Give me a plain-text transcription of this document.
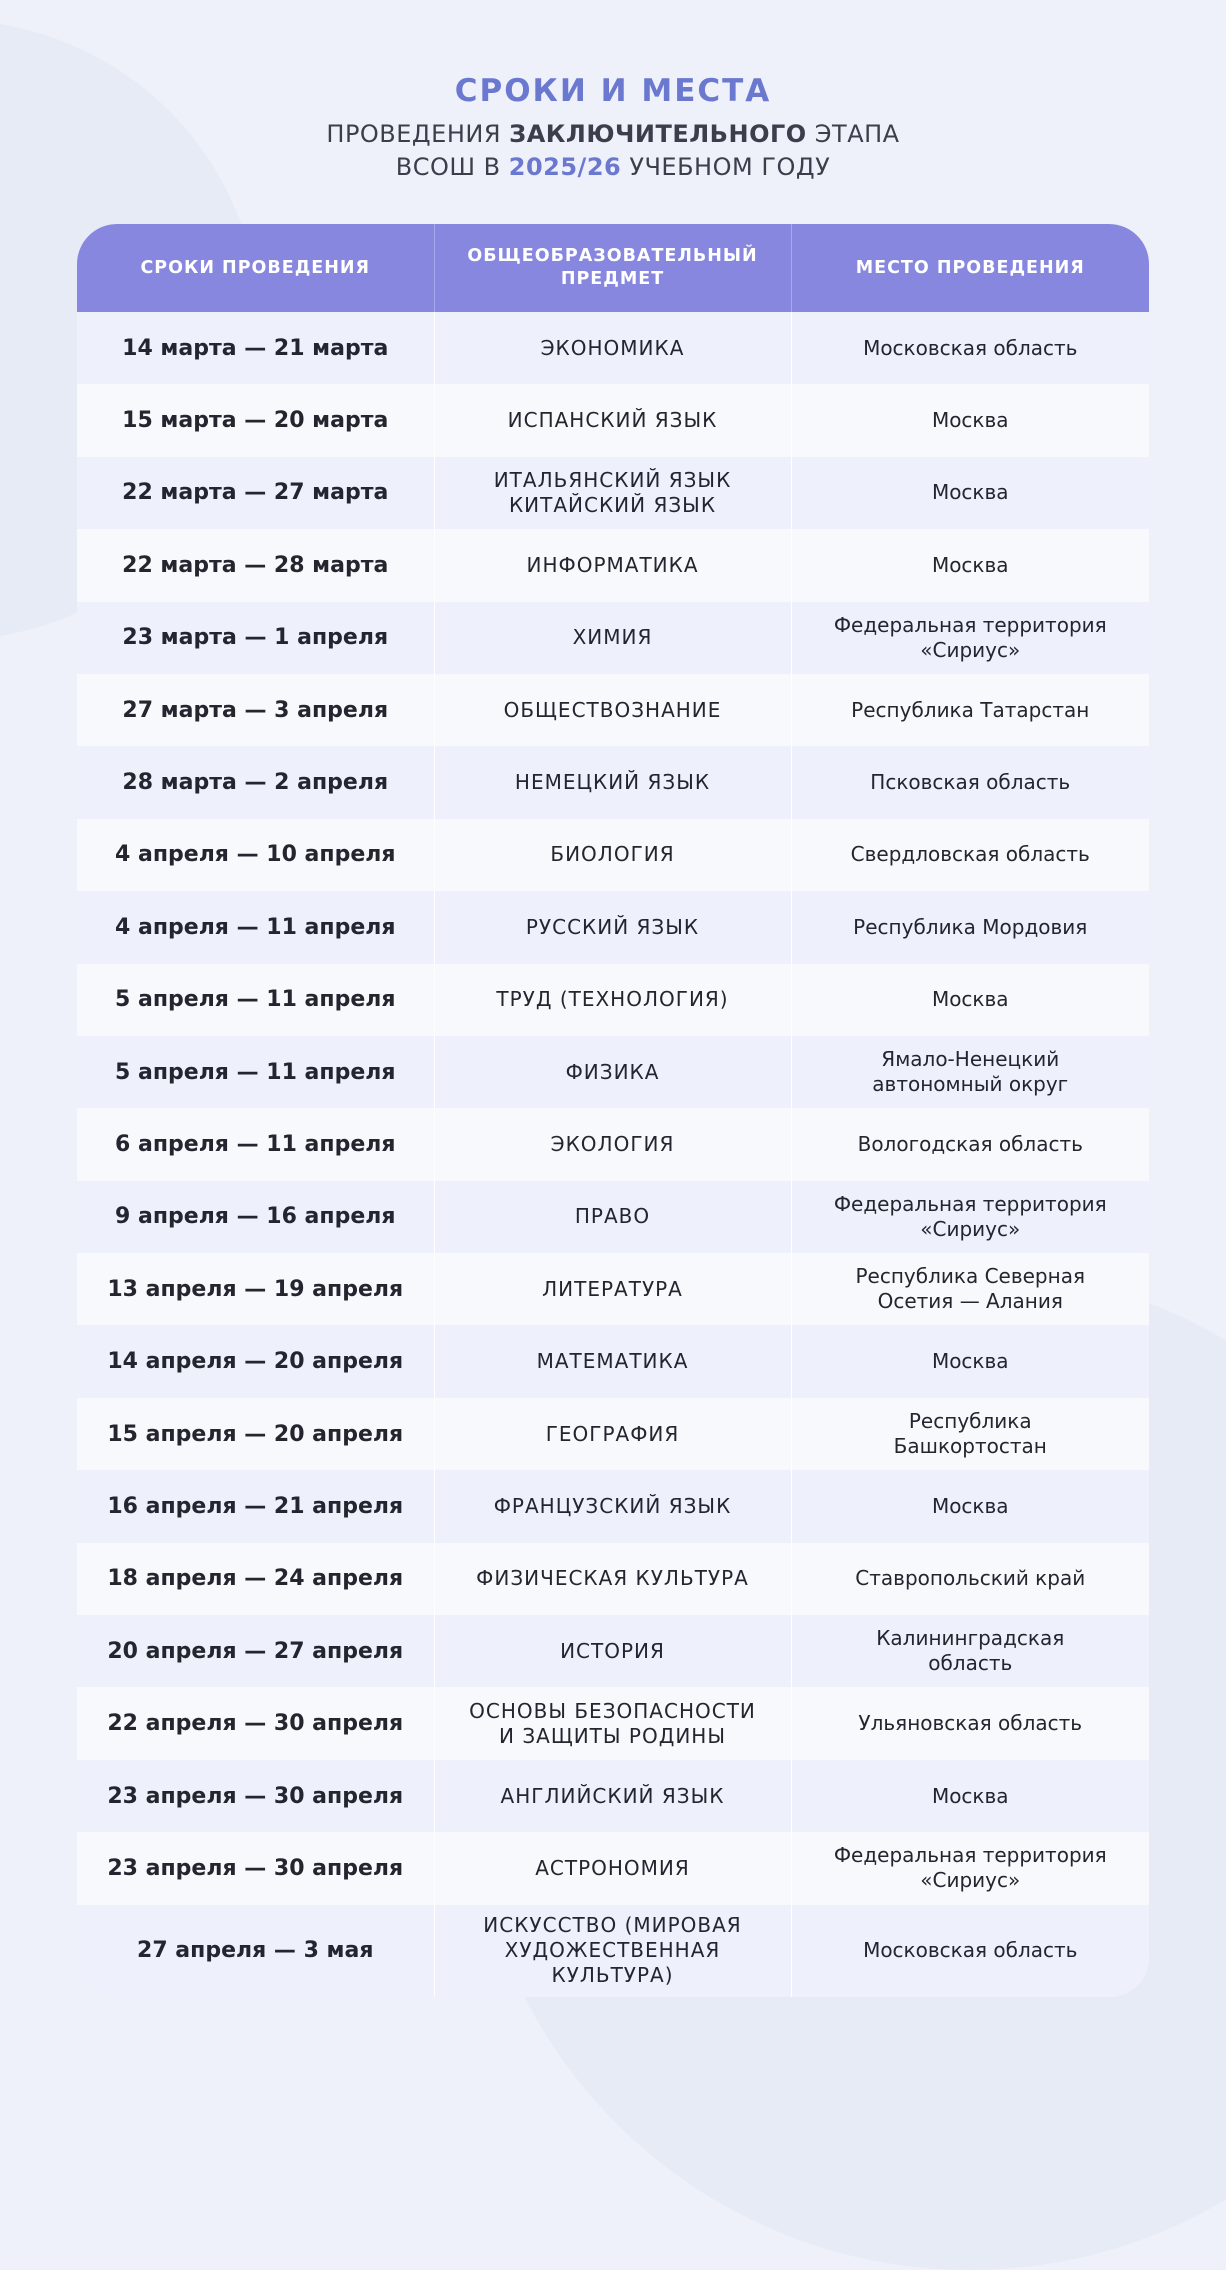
СРОКИ И МЕСТА
ПРОВЕДЕНИЯ ЗАКЛЮЧИТЕЛЬНОГО ЭТАПА
ВСОШ В 2025/26 УЧЕБНОМ ГОДУ
СРОКИ ПРОВЕДЕНИЯ	ОБЩЕОБРАЗОВАТЕЛЬНЫЙ ПРЕДМЕТ	МЕСТО ПРОВЕДЕНИЯ
14 марта — 21 марта	ЭКОНОМИКА	Московская область

15 марта — 20 марта	ИСПАНСКИЙ ЯЗЫК	Москва

22 марта — 27 марта	ИТАЛЬЯНСКИЙ ЯЗЫК
КИТАЙСКИЙ ЯЗЫК	Москва

22 марта — 28 марта	ИНФОРМАТИКА	Москва

23 марта — 1 апреля	ХИМИЯ	Федеральная территория
«Сириус»

27 марта — 3 апреля	ОБЩЕСТВОЗНАНИЕ	Республика Татарстан

28 марта — 2 апреля	НЕМЕЦКИЙ ЯЗЫК	Псковская область

4 апреля — 10 апреля	БИОЛОГИЯ	Свердловская область

4 апреля — 11 апреля	РУССКИЙ ЯЗЫК	Республика Мордовия

5 апреля — 11 апреля	ТРУД (ТЕХНОЛОГИЯ)	Москва

5 апреля — 11 апреля	ФИЗИКА	Ямало-Ненецкий
автономный округ

6 апреля — 11 апреля	ЭКОЛОГИЯ	Вологодская область

9 апреля — 16 апреля	ПРАВО	Федеральная территория
«Сириус»

13 апреля — 19 апреля	ЛИТЕРАТУРА	Республика Северная
Осетия — Алания

14 апреля — 20 апреля	МАТЕМАТИКА	Москва

15 апреля — 20 апреля	ГЕОГРАФИЯ	Республика
Башкортостан

16 апреля — 21 апреля	ФРАНЦУЗСКИЙ ЯЗЫК	Москва

18 апреля — 24 апреля	ФИЗИЧЕСКАЯ КУЛЬТУРА	Ставропольский край

20 апреля — 27 апреля	ИСТОРИЯ	Калининградская
область

22 апреля — 30 апреля	ОСНОВЫ БЕЗОПАСНОСТИ
И ЗАЩИТЫ РОДИНЫ	Ульяновская область

23 апреля — 30 апреля	АНГЛИЙСКИЙ ЯЗЫК	Москва

23 апреля — 30 апреля	АСТРОНОМИЯ	Федеральная территория
«Сириус»

27 апреля — 3 мая	ИСКУССТВО (МИРОВАЯ
ХУДОЖЕСТВЕННАЯ КУЛЬТУРА)	Московская область
